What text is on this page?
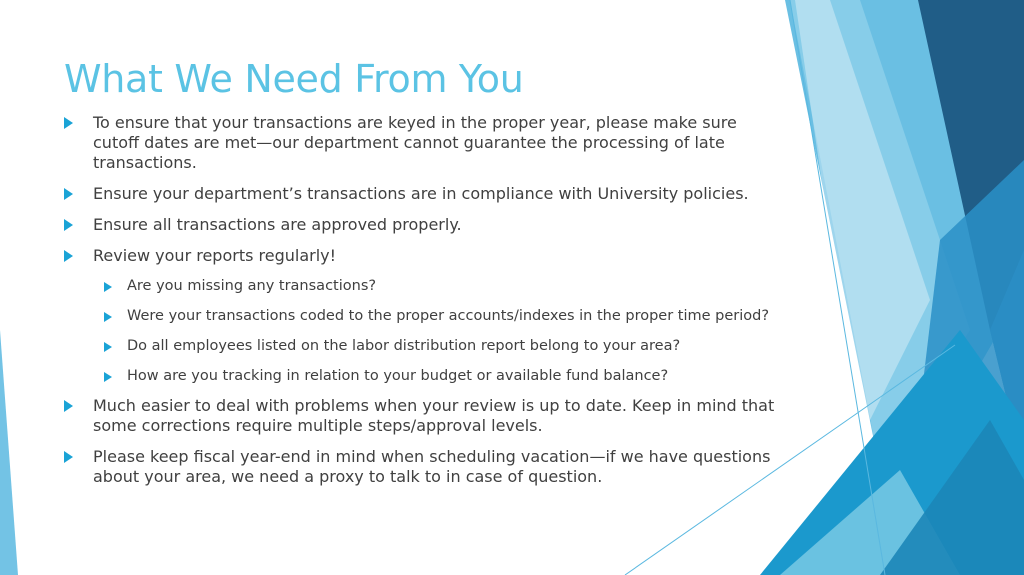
What We Need From You
To ensure that your transactions are keyed in the proper year, please make sure cutoff dates are met—our department cannot guarantee the processing of late transactions.
Ensure your department’s transactions are in compliance with University policies.
Ensure all transactions are approved properly.
Review your reports regularly!
Are you missing any transactions?
Were your transactions coded to the proper accounts/indexes in the proper time period?
Do all employees listed on the labor distribution report belong to your area?
How are you tracking in relation to your budget or available fund balance?
Much easier to deal with problems when your review is up to date. Keep in mind that some corrections require multiple steps/approval levels.
Please keep fiscal year-end in mind when scheduling vacation—if we have questions about your area, we need a proxy to talk to in case of question.
